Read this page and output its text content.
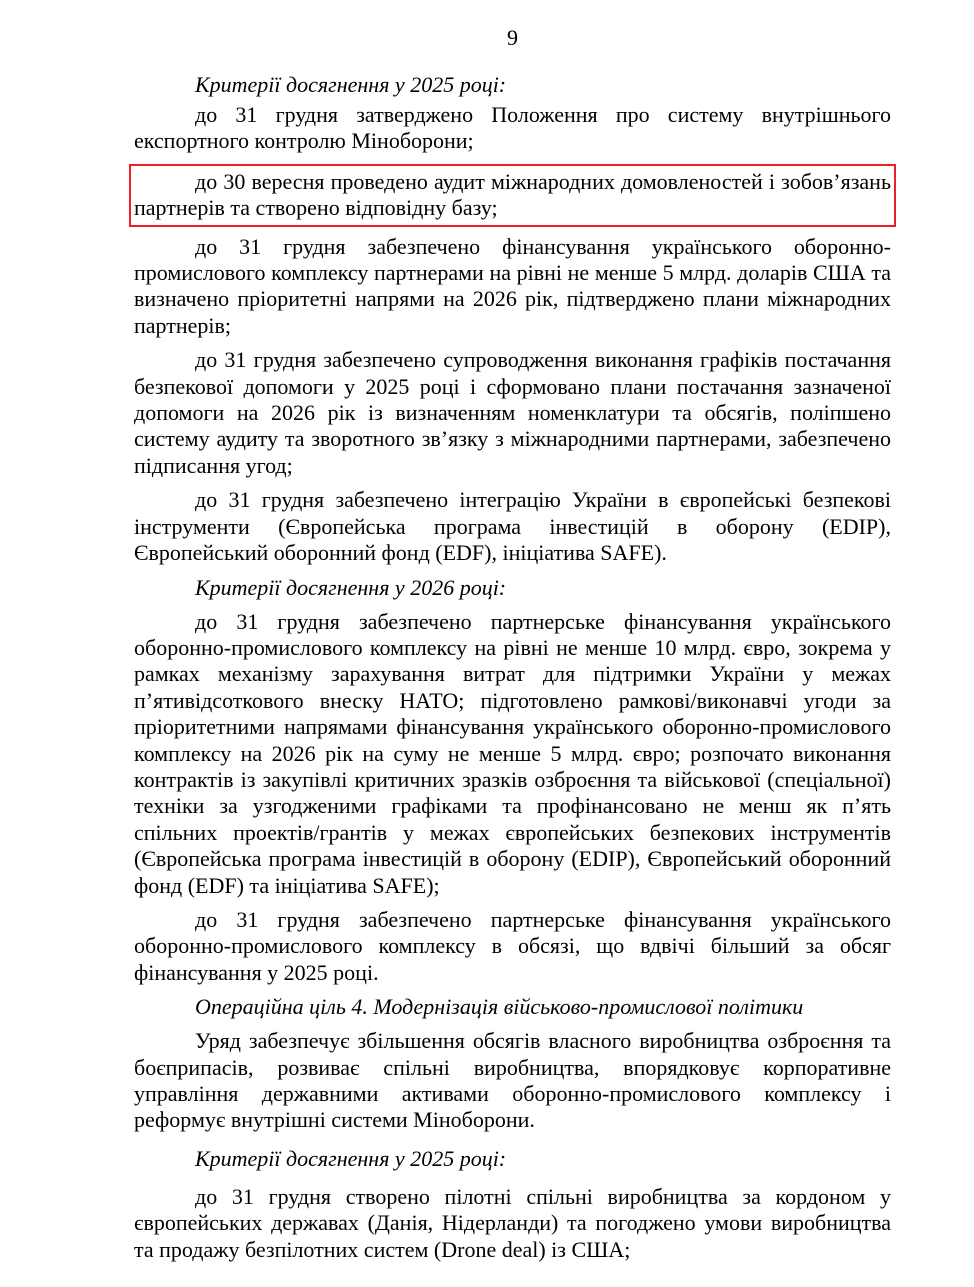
9
Критерії досягнення у 2025 році:
до 31 грудня затверджено Положення про систему внутрішнього експортного контролю Міноборони;
до 30 вересня проведено аудит міжнародних домовленостей і зобов’язань партнерів та створено відповідну базу;
до 31 грудня забезпечено фінансування українського оборонно-промислового комплексу партнерами на рівні не менше 5 млрд. доларів США та визначено пріоритетні напрями на 2026 рік, підтверджено плани міжнародних партнерів;
до 31 грудня забезпечено супроводження виконання графіків постачання безпекової допомоги у 2025 році і сформовано плани постачання зазначеної допомоги на 2026 рік із визначенням номенклатури та обсягів, поліпшено систему аудиту та зворотного зв’язку з міжнародними партнерами, забезпечено підписання угод;
до 31 грудня забезпечено інтеграцію України в європейські безпекові інструменти (Європейська програма інвестицій в оборону (EDIP), Європейський оборонний фонд (EDF), ініціатива SAFE).
Критерії досягнення у 2026 році:
до 31 грудня забезпечено партнерське фінансування українського оборонно-промислового комплексу на рівні не менше 10 млрд. євро, зокрема у рамках механізму зарахування витрат для підтримки України у межах п’ятивідсоткового внеску НАТО; підготовлено рамкові/виконавчі угоди за пріоритетними напрямами фінансування українського оборонно-промислового комплексу на 2026 рік на суму не менше 5 млрд. євро; розпочато виконання контрактів із закупівлі критичних зразків озброєння та військової (спеціальної) техніки за узгодженими графіками та профінансовано не менш як п’ять спільних проектів/грантів у межах європейських безпекових інструментів (Європейська програма інвестицій в оборону (EDIP), Європейський оборонний фонд (EDF) та ініціатива SAFE);
до 31 грудня забезпечено партнерське фінансування українського оборонно-промислового комплексу в обсязі, що вдвічі більший за обсяг фінансування у 2025 році.
Операційна ціль 4. Модернізація військово-промислової політики
Уряд забезпечує збільшення обсягів власного виробництва озброєння та боєприпасів, розвиває спільні виробництва, впорядковує корпоративне управління державними активами оборонно-промислового комплексу і реформує внутрішні системи Міноборони.
Критерії досягнення у 2025 році:
до 31 грудня створено пілотні спільні виробництва за кордоном у європейських державах (Данія, Нідерланди) та погоджено умови виробництва та продажу безпілотних систем (Drone deal) із США;
